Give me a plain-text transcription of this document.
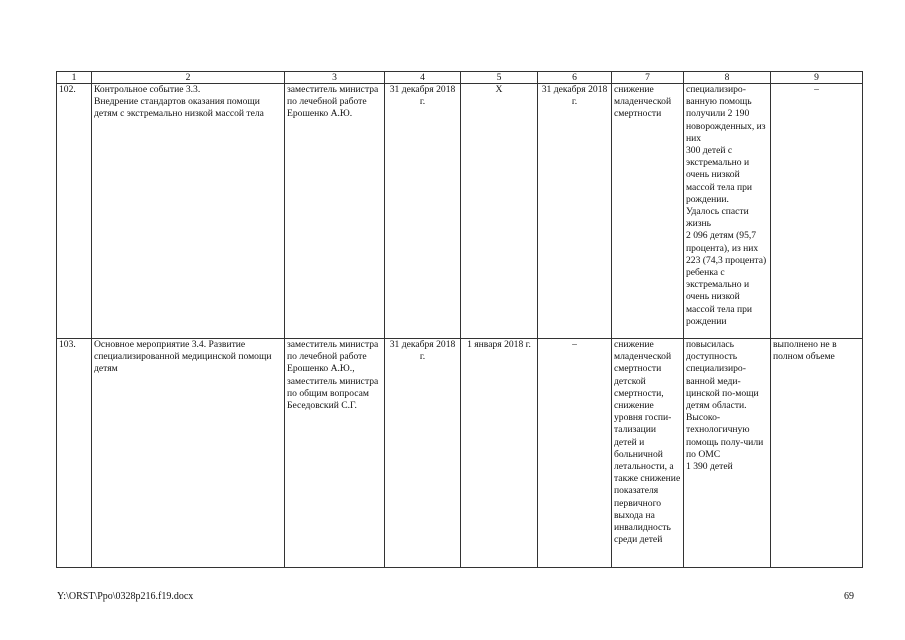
1	2	3	4	5	6	7	8	9
102.	Контрольное событие 3.3.
Внедрение стандартов оказания помощи детям с экстремально низкой массой тела	заместитель министра по лечебной работе Ерошенко А.Ю.	31 декабря 2018 г.	X	31 декабря 2018 г.	снижение младенческой смертности	специализиро-ванную помощь получили 2 190 новорожденных, из них
300 детей с экстремально и очень низкой массой тела при рождении.
Удалось спасти жизнь
2 096 детям (95,7 процента), из них 223 (74,3 процента) ребенка с экстремально и очень низкой массой тела при рождении	–
103.	Основное мероприятие 3.4. Развитие специализированной медицинской помощи детям	заместитель министра по лечебной работе Ерошенко А.Ю., заместитель министра по общим вопросам Беседовский С.Г.	31 декабря 2018 г.	1 января 2018 г.	–	снижение младенческой смертности детской смертности, снижение уровня госпи-тализации детей и больничной летальности, а также снижение показателя первичного выхода на инвалидность среди детей	повысилась доступность специализиро-ванной меди-цинской по-мощи детям области.
Высоко-технологичную помощь полу-чили по ОМС
1 390 детей	выполнено не в полном объеме
Y:\ORST\Ppo\0328p216.f19.docx	69
